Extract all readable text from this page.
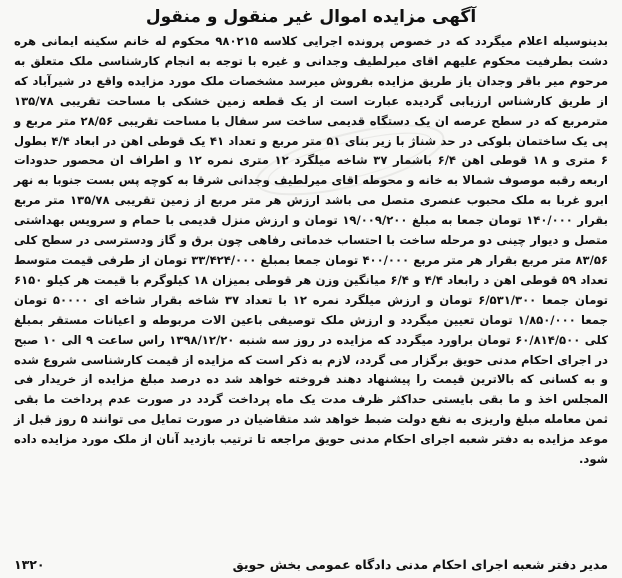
آگهی مزایده اموال غیر منقول و منقول

بدینوسیله اعلام میگردد که در خصوص پرونده اجرایی کلاسه ۹۸۰۲۱۵ محکوم له خانم سکینه ایمانی هره دشت بطرفیت محکوم علیهم اقای میرلطیف وجدانی و غیره با توجه به انجام کارشناسی ملک متعلق به مرحوم میر باقر وجدان یاز طریق مزایده بفروش میرسد مشخصات ملک مورد مزایده واقع در شیرآباد که از طریق کارشناس ارزیابی گردیده عبارت است از یک قطعه زمین خشکی با مساحت تقریبی ۱۳۵/۷۸ مترمربع که در سطح عرصه ان یک دستگاه قدیمی ساخت سر سفال با مساحت تقریبی ۲۸/۵۶ متر مربع و پی یک ساختمان بلوکی در حد شناژ با زیر بنای ۵۱ متر مربع و تعداد ۴۱ یک قوطی اهن در ابعاد ۴/۴ بطول ۶ متری و ۱۸ قوطی اهن ۶/۴ باشمار ۳۷ شاخه میلگرد ۱۲ متری نمره ۱۲ و اطراف ان محصور حدودات اربعه رقبه موصوف شمالا به خانه و محوطه اقای میرلطیف وجدانی شرقا به کوچه پس بست جنوبا به نهر ابرو غربا به ملک محبوب عنصری متصل می باشد ارزش هر متر مربع از زمین تقریبی ۱۳۵/۷۸ متر مربع بقرار ۱۴۰/۰۰۰ تومان جمعا به مبلغ ۱۹/۰۰۹/۲۰۰ تومان و ارزش منزل قدیمی با حمام و سرویس بهداشتی متصل و دیوار چینی دو مرحله ساخت با احتساب خدماتی رفاهی چون برق و گاز ودسترسی در سطح کلی ۸۳/۵۶ متر مربع بقرار هر متر مربع ۴۰۰/۰۰۰ تومان جمعا بمبلغ ۳۳/۴۲۴/۰۰۰ تومان از طرفی قیمت متوسط تعداد ۵۹ قوطی اهن د رابعاد ۴/۴ و ۶/۴ میانگین وزن هر قوطی بمیزان ۱۸ کیلوگرم با قیمت هر کیلو ۶۱۵۰ تومان جمعا ۶/۵۳۱/۳۰۰ تومان و ارزش میلگرد نمره ۱۲ با تعداد ۳۷ شاخه بقرار شاخه ای ۵۰۰۰۰ تومان جمعا ۱/۸۵۰/۰۰۰ تومان تعیین میگردد و ارزش ملک توصیفی باعین الات مربوطه و اعیانات مستقر بمبلغ کلی ۶۰/۸۱۴/۵۰۰ تومان براورد میگردد که مزایده در روز سه شنبه ۱۳۹۸/۱۲/۲۰ راس ساعت ۹ الی ۱۰ صبح در اجرای احکام مدنی حویق برگزار می گردد، لازم به ذکر است که مزایده از قیمت کارشناسی شروع شده و به کسانی که بالاترین قیمت را پیشنهاد دهند فروخته خواهد شد ده درصد مبلغ مزایده از خریدار فی المجلس اخذ و ما بقی بایستی حداکثر ظرف مدت یک ماه پرداخت گردد در صورت عدم پرداخت ما بقی ثمن معامله مبلغ واریزی به نفع دولت ضبط خواهد شد متقاضیان در صورت تمایل می توانند ۵ روز قبل از موعد مزایده به دفتر شعبه اجرای احکام مدنی حویق مراجعه تا ترتیب بازدید آنان از ملک مورد مزایده داده شود.

مدیر دفتر شعبه اجرای احکام مدنی دادگاه عمومی بخش حویق
۱۳۲۰
